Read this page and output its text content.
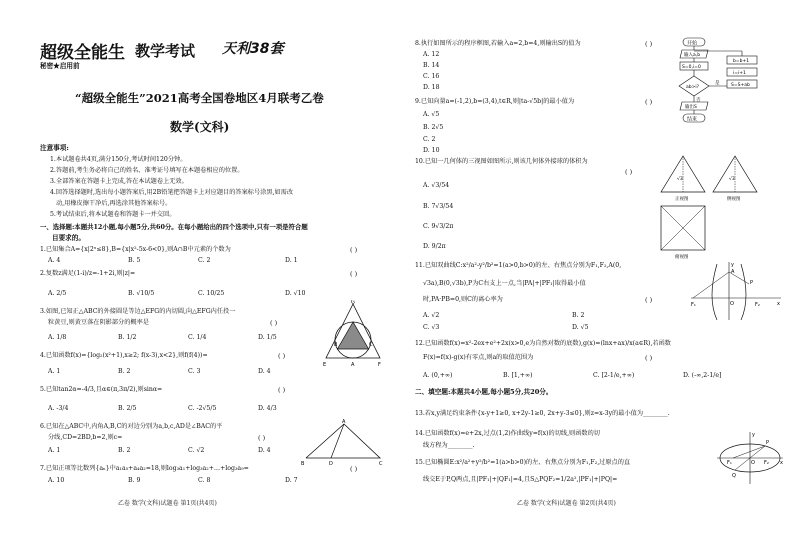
超级全能生 教学考试 天利38套
秘密★启用前
“超级全能生”2021高考全国卷地区4月联考乙卷
数学(文科)
注意事项:
1.本试题卷共4页,满分150分,考试时间120分钟。
2.答题前,考生务必将自己的姓名、准考证号填写在本题卷相应的位置。
3.全部答案在答题卡上完成,答在本试题卷上无效。
4.回答选择题时,选出每小题答案后,用2B铅笔把答题卡上对应题目的答案标号涂黑,如需改
动,用橡皮擦干净后,再选涂其他答案标号。
5.考试结束后,将本试题卷和答题卡一并交回。
一、选择题:本题共12小题,每小题5分,共60分。在每小题给出的四个选项中,只有一项是符合题
目要求的。
1.已知集合A={x|2ˣ≤8},B={x|x²-5x-6<0},则A∩B中元素的个数为	( )
A. 4	B. 5	C. 2	D. 1
2.复数z满足(1-i)/z=-1+2i,则|z|=	( )
A. 2/5	B. √10/5	C. 10/25	D. √10
3.如图,已知正△ABC的外接圆是等边△EFG的内切圆,向△EFG内任投一
粒黄豆,则黄豆落在阴影部分的概率是	( )
A. 1/8	B. 1/2	C. 1/4	D. 1/5
B	C
E	A
G
F
4.已知函数f(x)={log₂(x²+1),x≥2; f(x-3),x<2},则f(f(4))=	( )
A. 1	B. 2	C. 3	D. 4
5.已知tan2α=-4/3,且α∈(π,3π/2),则sinα=	( )
A. -3/4	B. 2/5	C. -2√5/5	D. 4/3
6.已知在△ABC中,内角A,B,C的对边分别为a,b,c,AD是∠BAC的平
分线,CD=2BD,b=2,则c=	( )
A. 1	B. 2	C. √2	D. 4
A
B	D	C
7.已知正项等比数列{aₙ}中a₁a₅+a₄a₂=18,则log₃a₁+log₃a₂+…+log₃a₉=	( )
A. 10	B. 9	C. 8	D. 7
乙卷 数学(文科)试题卷 第1页(共4页)
8.执行如图所示的程序框图,若输入a=2,b=4,则输出S的值为	( )
A. 12
B. 14
C. 16
D. 18
开始
输入a,b
S=0,i=0
ab>i?
是
b=b+1
i=i+1
S=S+ab
否
输出S
结束
9.已知向量a=(-1,2),b=(3,4),t∈R,则|ta-√5b|的最小值为	( )
A. √5
B. 2√5
C. 2
D. 10
10.已知一几何体的三视图如图所示,则该几何体外接球的体积为
( )
A. √3/54
B. 7√3/54
C. 9√3/2π
D. 9/2π
√3
正视图
√3
侧视图
俯视图
11.已知双曲线C:x²/a²-y²/b²=1(a>0,b>0)的左、右焦点分别为F₁,F₂,A(0,
√3a),B(0,√3b),P为C右支上一点,当|PA|+|PF₁|取得最小值
时,PA·PB=0,则C的离心率为	( )
A. √2	B. 2
C. √3	D. √5
y
A
P
F₁	O	F₂	x
12.已知函数f(x)=x²-2ex+e²+2x(x>0,e为自然对数的底数),g(x)=(lnx+ax)/x(a∈R),若函数
F(x)=f(x)-g(x)有零点,则a的取值范围为	( )
A. (0,+∞)	B. [1,+∞)	C. [2-1/e,+∞)	D. (-∞,2-1/e]
二、填空题:本题共4小题,每小题5分,共20分。
13.若x,y满足约束条件{x-y+1≥0, x+2y-1≥0, 2x+y-3≤0},则z=x-3y的最小值为________.
14.已知函数f(x)=e+2x,过点(1,2)作曲线y=f(x)的切线,则函数的切
线方程为________.
15.已知椭圆E:x²/a²+y²/b²=1(a>b>0)的左、右焦点分别为F₁,F₂,过原点的直
线交E于P,Q两点,且|PF₁|+|QF₁|=4,且S△PQF₂=1/2a²,|PF₁|+|PQ|=
y
P
F₁	O F₂ x
Q
乙卷 数学(文科)试题卷 第2页(共4页)
